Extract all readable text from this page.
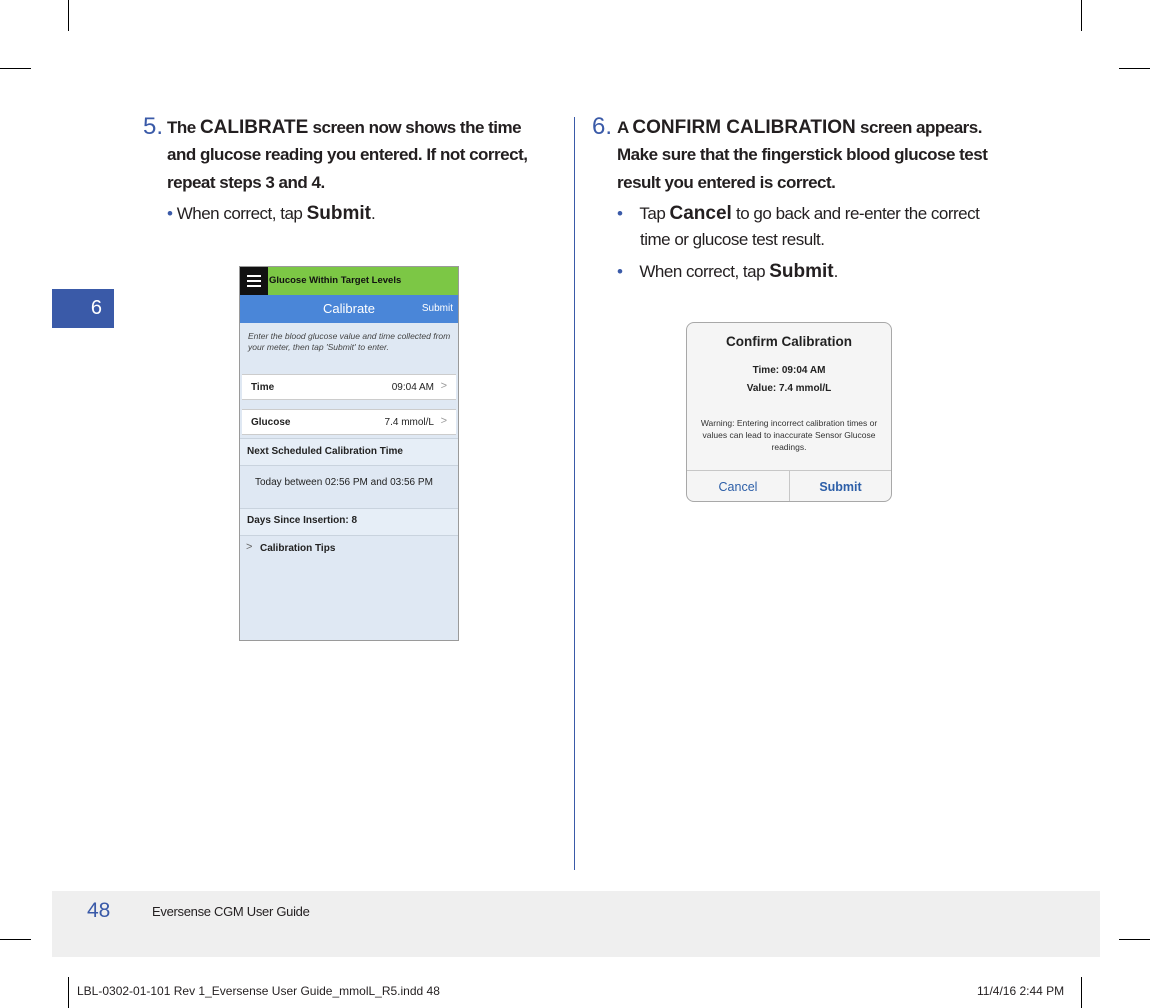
6
5. The CALIBRATE screen now shows the time
and glucose reading you entered. If not correct,
repeat steps 3 and 4.
• When correct, tap Submit.
Glucose Within Target Levels
Calibrate	Submit
Enter the blood glucose value and time collected from your meter, then tap 'Submit' to enter.
Time	09:04 AM >
Glucose	7.4 mmol/L >
Next Scheduled Calibration Time
Today between 02:56 PM and 03:56 PM
Days Since Insertion: 8
> Calibration Tips
6. A CONFIRM CALIBRATION screen appears.
Make sure that the fingerstick blood glucose test
result you entered is correct.
• Tap Cancel to go back and re-enter the correct
time or glucose test result.
• When correct, tap Submit.
Confirm Calibration
Time: 09:04 AM
Value: 7.4 mmol/L
Warning: Entering incorrect calibration times or values can lead to inaccurate Sensor Glucose readings.
Cancel	Submit
48	Eversense CGM User Guide
LBL-0302-01-101 Rev 1_Eversense User Guide_mmolL_R5.indd 48	11/4/16 2:44 PM
